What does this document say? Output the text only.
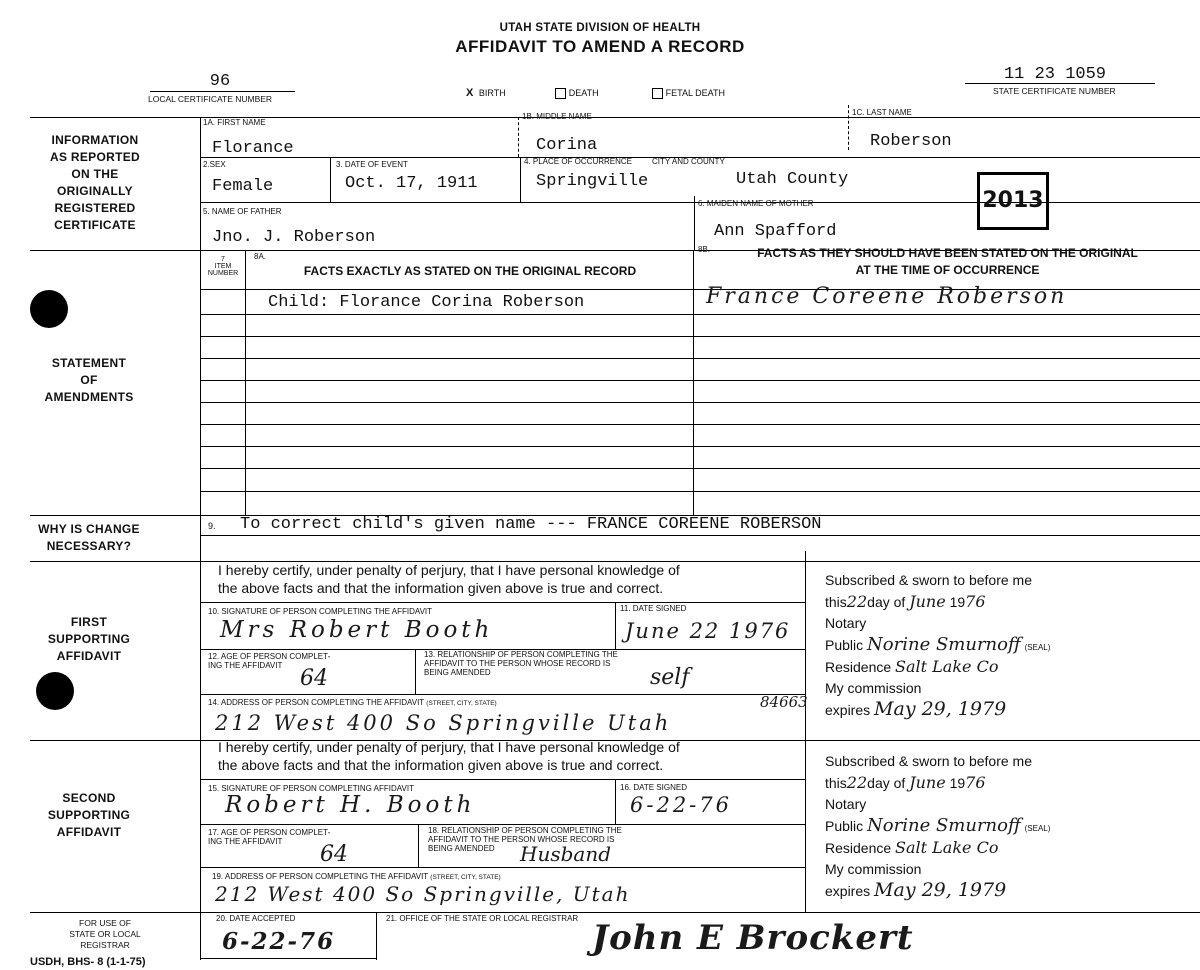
UTAH STATE DIVISION OF HEALTH
AFFIDAVIT TO AMEND A RECORD
96
LOCAL CERTIFICATE NUMBER
11 23 1059
STATE CERTIFICATE NUMBER
X BIRTH	DEATH	FETAL DEATH
INFORMATION
AS REPORTED
ON THE
ORIGINALLY
REGISTERED
CERTIFICATE
STATEMENT
OF
AMENDMENTS
WHY IS CHANGE
NECESSARY?
FIRST
SUPPORTING
AFFIDAVIT
SECOND
SUPPORTING
AFFIDAVIT
FOR USE OF
STATE OR LOCAL
REGISTRAR
1A. FIRST NAME
Florance
1B. MIDDLE NAME
Corina
1C. LAST NAME
Roberson
2.SEX
Female
3. DATE OF EVENT
Oct. 17, 1911
4. PLACE OF OCCURRENCE	CITY AND COUNTY
Springville	Utah County
5. NAME OF FATHER
Jno. J. Roberson
6. MAIDEN NAME OF MOTHER
Ann Spafford
2013
7
ITEM
NUMBER
8A.
FACTS EXACTLY AS STATED ON THE ORIGINAL RECORD
8B.	FACTS AS THEY SHOULD HAVE BEEN STATED ON THE ORIGINAL
AT THE TIME OF OCCURRENCE
Child: Florance Corina Roberson	France Coreene Roberson
9. To correct child's given name --- FRANCE COREENE ROBERSON
I hereby certify, under penalty of perjury, that I have personal knowledge of
the above facts and that the information given above is true and correct.
10. SIGNATURE OF PERSON COMPLETING THE AFFIDAVIT
Mrs Robert Booth
11. DATE SIGNED
June 22 1976
12. AGE OF PERSON COMPLET-
ING THE AFFIDAVIT
64
13. RELATIONSHIP OF PERSON COMPLETING THE
AFFIDAVIT TO THE PERSON WHOSE RECORD IS
BEING AMENDED	self
14. ADDRESS OF PERSON COMPLETING THE AFFIDAVIT (STREET, CITY, STATE)
212 West 400 So Springville Utah
84663
Subscribed & sworn to before me
this22day of June 1976
Notary
Public Norine Smurnoff (SEAL)
Residence Salt Lake Co
My commission
expires May 29, 1979
I hereby certify, under penalty of perjury, that I have personal knowledge of
the above facts and that the information given above is true and correct.
15. SIGNATURE OF PERSON COMPLETING AFFIDAVIT
Robert H. Booth
16. DATE SIGNED
6-22-76
17. AGE OF PERSON COMPLET-
ING THE AFFIDAVIT
64
18. RELATIONSHIP OF PERSON COMPLETING THE
AFFIDAVIT TO THE PERSON WHOSE RECORD IS
BEING AMENDED	Husband
19. ADDRESS OF PERSON COMPLETING THE AFFIDAVIT (STREET, CITY, STATE)
212 West 400 So Springville, Utah
Subscribed & sworn to before me
this22day of June 1976
Notary
Public Norine Smurnoff (SEAL)
Residence Salt Lake Co
My commission
expires May 29, 1979
20. DATE ACCEPTED
6-22-76
21. OFFICE OF THE STATE OR LOCAL REGISTRAR John E Brockert
USDH, BHS- 8 (1-1-75)
